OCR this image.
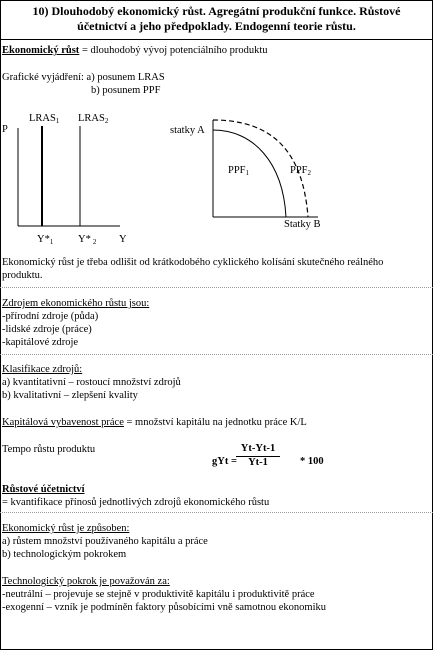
10) Dlouhodobý ekonomický růst. Agregátní produkční funkce. Růstové
účetnictví a jeho předpoklady. Endogenní teorie růstu.
Ekonomický růst = dlouhodobý vývoj potenciálního produktu
Grafické vyjádření: a) posunem LRAS
b) posunem PPF
P
LRAS1 LRAS2
Y*1 Y* 2 Y
statky A
PPF1	PPF2
Statky B
Ekonomický růst je třeba odlišit od krátkodobého cyklického kolísání skutečného reálného
produktu.
Zdrojem ekonomického růstu jsou:
-přírodní zdroje (půda)
-lidské zdroje (práce)
-kapitálové zdroje
Klasifikace zdrojů:
a) kvantitativní – rostoucí množství zdrojů
b) kvalitativní – zlepšení kvality
Kapitálová vybavenost práce = množství kapitálu na jednotku práce K/L
Tempo růstu produktu	Yt-Yt-1
gYt =	Yt-1	* 100
Růstové účetnictví
= kvantifikace přínosů jednotlivých zdrojů ekonomického růstu
Ekonomický růst je způsoben:
a) růstem množství používaného kapitálu a práce
b) technologickým pokrokem
Technologický pokrok je považován za:
-neutrální – projevuje se stejně v produktivitě kapitálu i produktivitě práce
-exogenní – vzník je podmíněn faktory působícími vně samotnou ekonomiku
